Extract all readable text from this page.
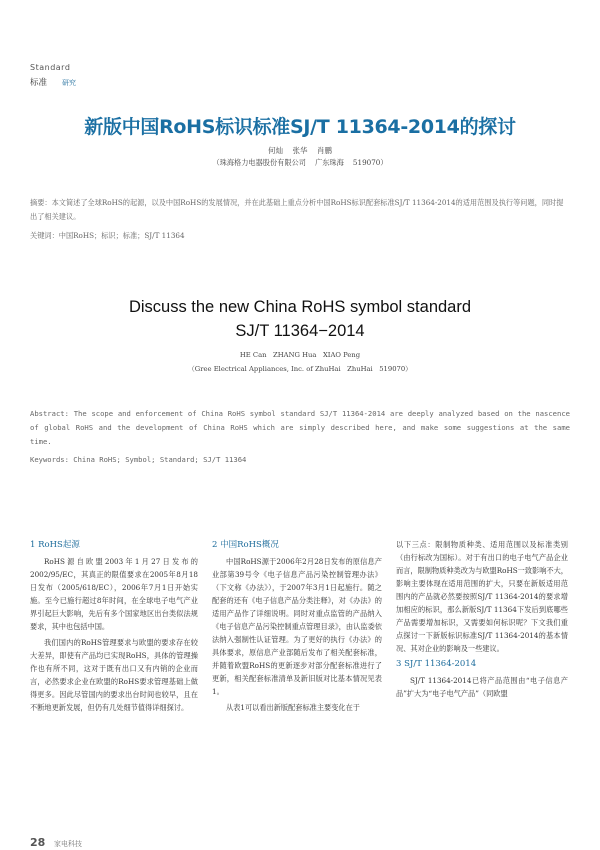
Standard
标准 研究
新版中国RoHS标识标准SJ/T 11364-2014的探讨
何灿    张华    肖鹏
（珠海格力电器股份有限公司    广东珠海    519070）
摘要：本文简述了全球RoHS的起源，以及中国RoHS的发展情况，并在此基础上重点分析中国RoHS标识配套标准SJ/T 11364-2014的适用范围及执行等问题，同时提出了相关建议。
关键词：中国RoHS；标识；标准；SJ/T 11364
Discuss the new China RoHS symbol standard
SJ/T 11364−2014
HE Can   ZHANG Hua   XIAO Peng
（Gree Electrical Appliances, Inc. of ZhuHai   ZhuHai   519070）
Abstract: The scope and enforcement of China RoHS symbol standard SJ/T 11364-2014 are deeply analyzed based on the nascence of global RoHS and the development of China RoHS which are simply described here, and make some suggestions at the same time.
Keywords: China RoHS; Symbol; Standard; SJ/T 11364
1 RoHS起源

RoHS源自欧盟2003年1月27日发布的2002/95/EC，其真正的限值要求在2005年8月18日发布（2005/618/EC），2006年7月1日开始实施。至今已施行超过8年时间，在全球电子电气产业界引起巨大影响，先后有多个国家地区出台类似法规要求，其中也包括中国。

我们国内的RoHS管理要求与欧盟的要求存在较大差异，即使有产品均已实现RoHS，具体的管理操作也有所不同，这对于既有出口又有内销的企业而言，必然要求企业在欧盟的RoHS要求管理基础上做得更多。因此尽管国内的要求出台时间也较早，且在不断地更新发展，但仍有几处细节值得详细探讨。

2 中国RoHS概况

中国RoHS源于2006年2月28日发布的原信息产业部第39号令《电子信息产品污染控制管理办法》（下文称《办法》），于2007年3月1日起施行。随之配套的还有《电子信息产品分类注释》，对《办法》的适用产品作了详细说明。同时对重点监管的产品纳入《电子信息产品污染控制重点管理目录》，由认监委依法纳入强制性认证管理。为了更好的执行《办法》的具体要求，原信息产业部随后发布了相关配套标准，并随着欧盟RoHS的更新逐步对部分配套标准进行了更新，相关配套标准清单及新旧版对比基本情况见表1。

从表1可以看出新版配套标准主要变化在于

以下三点：限制物质种类、适用范围以及标准类别（由行标改为国标）。对于有出口的电子电气产品企业而言，限制物质种类改为与欧盟RoHS一致影响不大，影响主要体现在适用范围的扩大，只要在新版适用范围内的产品就必然要按照SJ/T 11364-2014的要求增加相应的标识，那么新版SJ/T 11364下发后到底哪些产品需要增加标识，又需要如何标识呢？下文我们重点探讨一下新版标识标准SJ/T 11364-2014的基本情况、其对企业的影响及一些建议。

3 SJ/T 11364-2014

SJ/T 11364-2014已将产品范围由“电子信息产品”扩大为“电子电气产品”（同欧盟

28 家电科技
